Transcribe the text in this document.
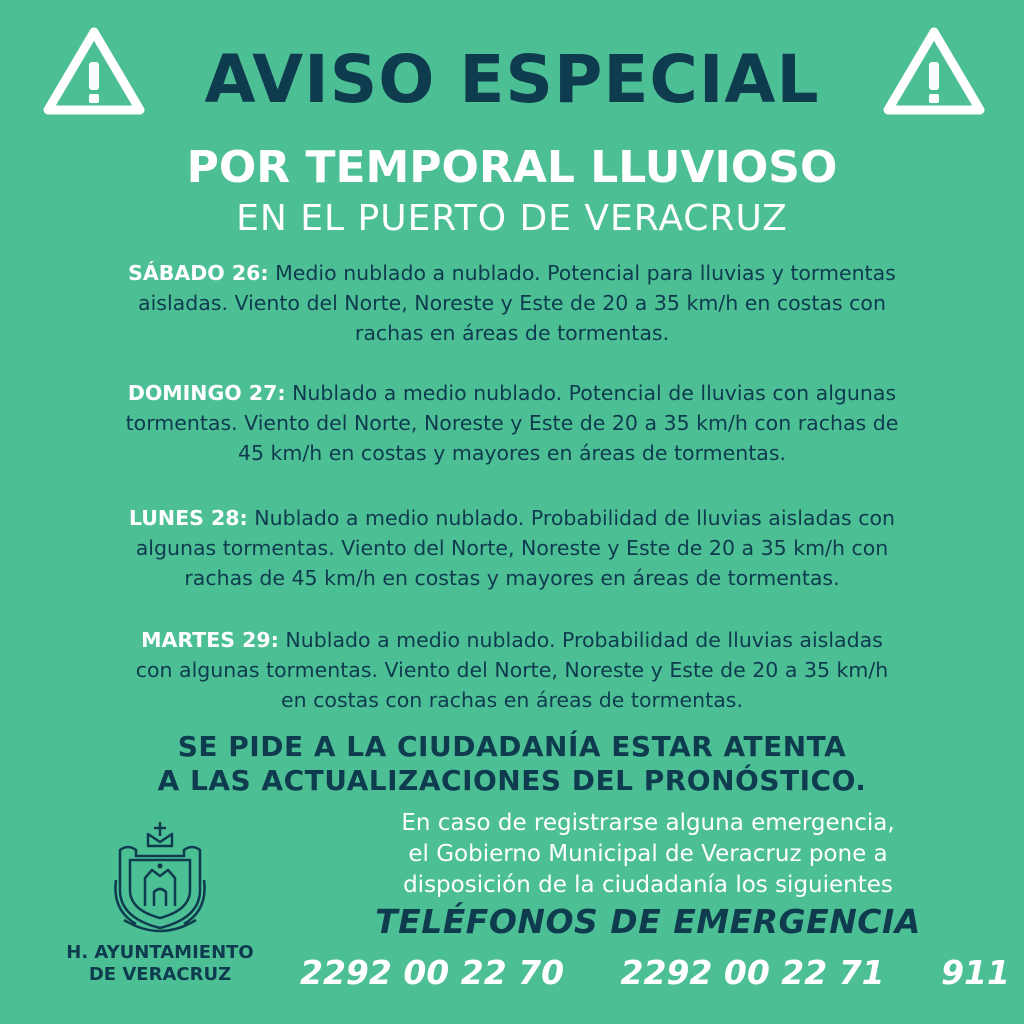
AVISO ESPECIAL
POR TEMPORAL LLUVIOSO
EN EL PUERTO DE VERACRUZ
SÁBADO 26: Medio nublado a nublado. Potencial para lluvias y tormentas
aisladas. Viento del Norte, Noreste y Este de 20 a 35 km/h en costas con
rachas en áreas de tormentas.
DOMINGO 27: Nublado a medio nublado. Potencial de lluvias con algunas
tormentas. Viento del Norte, Noreste y Este de 20 a 35 km/h con rachas de
45 km/h en costas y mayores en áreas de tormentas.
LUNES 28: Nublado a medio nublado. Probabilidad de lluvias aisladas con
algunas tormentas. Viento del Norte, Noreste y Este de 20 a 35 km/h con
rachas de 45 km/h en costas y mayores en áreas de tormentas.
MARTES 29: Nublado a medio nublado. Probabilidad de lluvias aisladas
con algunas tormentas. Viento del Norte, Noreste y Este de 20 a 35 km/h
en costas con rachas en áreas de tormentas.
SE PIDE A LA CIUDADANÍA ESTAR ATENTA
A LAS ACTUALIZACIONES DEL PRONÓSTICO.
En caso de registrarse alguna emergencia,
el Gobierno Municipal de Veracruz pone a
disposición de la ciudadanía los siguientes
TELÉFONOS DE EMERGENCIA
2292 00 22 70 2292 00 22 71 911
H. AYUNTAMIENTO
DE VERACRUZ
